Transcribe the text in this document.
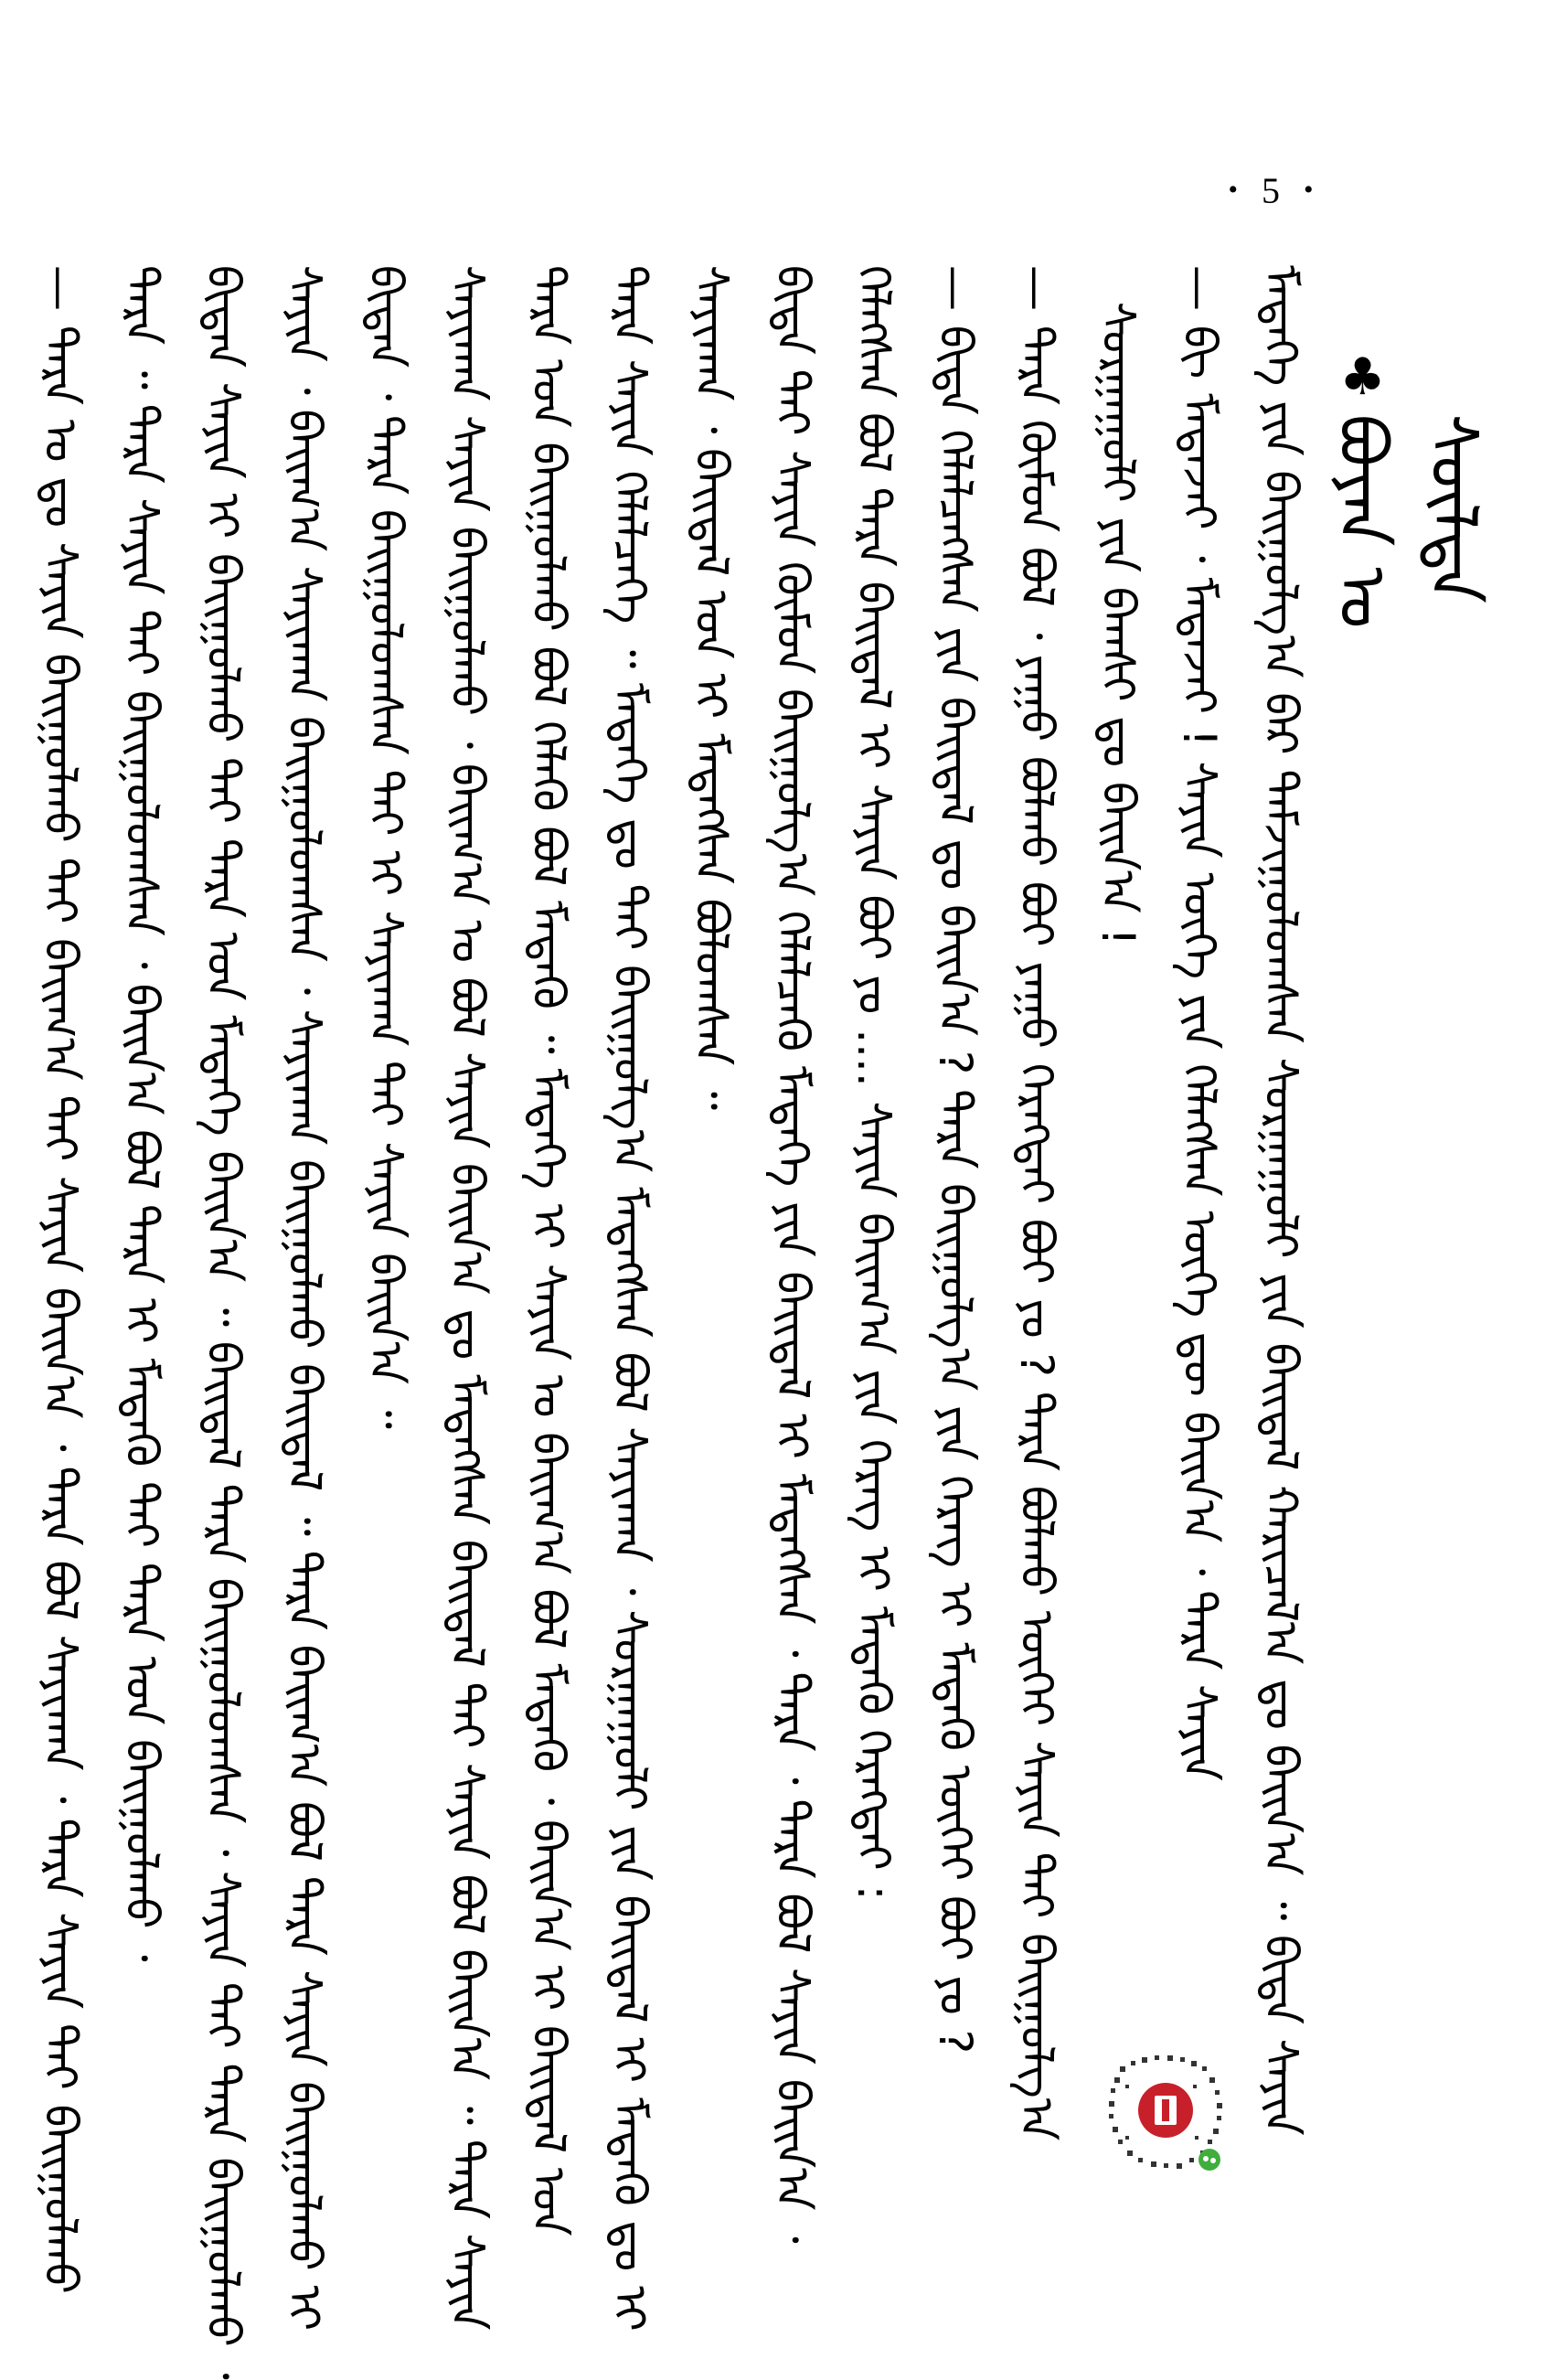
• 5 •
♣
ᠪᠤᠶᠠᠨ ᠤ ᠰᠦᠯᠳᠡ
ᠮᠡᠳᠡᠭᠡ ᠶᠢᠨ ᠪᠠᠢᠭᠤᠯᠭ᠎ᠠ ᠪᠠᠷ ᠳᠠᠮᠵᠢᠭᠤᠯᠤᠭᠰᠠᠨ ᠰᠤᠷᠭᠠᠭᠤᠯᠢ ᠶᠢᠨ ᠪᠠᠢᠳᠠᠯ ᠬᠠᠷᠢᠴᠠᠯ᠎ᠠ ᠳᠤ ᠪᠠᠢᠨ᠎ᠠ ᠃ ᠪᠢᠳᠡ ᠰᠠᠶᠢᠨ
— ᠪᠢ ᠮᠡᠳᠡᠵᠡᠢ ᠂ ᠮᠡᠳᠡᠵᠡᠢ ! ᠰᠠᠶᠢᠨ ᠦᠭᠡ ᠶᠢᠨ ᠬᠡᠯᠡᠭᠰᠡᠨ ᠦᠭᠡ ᠳᠦ ᠪᠠᠢᠨ᠎ᠠ ᠂ ᠲᠡᠷᠡ ᠰᠠᠶᠢᠨ
ᠰᠤᠷᠭᠠᠭᠤᠯᠢ ᠶᠢᠨ ᠪᠠᠭᠰᠢ ᠳᠤ ᠪᠠᠢᠨ᠎ᠠ !
— ᠲᠡᠷᠡ ᠬᠦᠮᠦᠨ ᠪᠣᠯ ᠂ ᠶᠠᠭᠤ ᠪᠣᠯᠬᠤ ᠪᠤᠢ ᠶᠠᠭᠤ ᠬᠡᠷᠡᠭᠲᠡᠢ ᠪᠤᠢ ᠶᠤ ? ᠲᠡᠷᠡ ᠪᠣᠯᠬᠤ ᠦᠭᠡᠢ ᠰᠠᠶᠢᠨ ᠲᠠᠢ ᠪᠠᠢᠭᠤᠯᠭ᠎ᠠ
— ᠪᠢᠳᠡ ᠬᠡᠯᠡᠯᠴᠡᠭᠰᠡᠨ ᠶᠢᠨ ᠪᠠᠢᠳᠠᠯ ᠳᠤ ᠪᠠᠢᠨ᠎ᠠ ? ᠲᠡᠷᠡ ᠪᠠᠢᠭᠤᠯᠭ᠎ᠠ ᠶᠢᠨ ᠬᠡᠷᠡᠭ ᠢ ᠮᠡᠳᠡᠬᠦ ᠦᠭᠡᠢ ᠪᠤᠢ ᠶᠤ ?
ᠬᠡᠯᠡᠭᠰᠡᠨ ᠪᠣᠯ ᠲᠡᠷᠡ ᠪᠠᠢᠳᠠᠯ ᠢ ᠰᠠᠶᠢᠨ ᠪᠤᠢ ᠶᠤ .... ᠰᠠᠶᠢᠨ ᠪᠠᠢᠭ᠎ᠠ ᠶᠢᠨ ᠬᠡᠷᠡᠭ ᠢ ᠮᠡᠳᠡᠬᠦ ᠬᠡᠷᠡᠭᠲᠡᠢ :
ᠪᠢᠳᠡ ᠲᠠᠢ ᠰᠠᠶᠢᠨ ᠬᠦᠮᠦᠨ ᠪᠠᠢᠭᠤᠯᠭ᠎ᠠ ᠬᠡᠯᠡᠯᠴᠡᠬᠦ ᠮᠡᠳᠡᠭᠡ ᠶᠢᠨ ᠪᠠᠢᠳᠠᠯ ᠢ ᠮᠡᠳᠡᠭᠰᠡᠨ ᠂ ᠲᠡᠷᠡ ᠂ ᠲᠡᠷᠡ ᠪᠣᠯ ᠰᠠᠶᠢᠨ ᠪᠠᠢᠨ᠎ᠠ ᠂
ᠰᠠᠶᠢᠬᠠᠨ ᠂ ᠪᠠᠢᠳᠠᠯ ᠤᠨ ᠢ ᠮᠡᠳᠡᠭᠰᠡᠨ ᠪᠣᠯᠤᠭᠰᠠᠨ ᠃
ᠲᠡᠷᠡ ᠰᠠᠶᠢᠨ ᠬᠡᠯᠡᠯᠴᠡᠭᠡ ᠃ ᠮᠡᠳᠡᠭᠡ ᠳᠤ ᠲᠠᠢ ᠪᠠᠢᠭᠤᠯᠭ᠎ᠠ ᠮᠡᠳᠡᠭᠰᠡᠨ ᠪᠣᠯ ᠰᠠᠶᠢᠬᠠᠨ ᠂ ᠰᠤᠷᠭᠠᠭᠤᠯᠢ ᠶᠢᠨ ᠪᠠᠢᠳᠠᠯ ᠢ ᠮᠡᠳᠡᠬᠦ ᠳᠤ ᠢ
ᠲᠡᠷᠡ ᠤᠨ ᠪᠠᠢᠭᠤᠯᠬᠤ ᠪᠣᠯ ᠬᠡᠯᠡᠬᠦ ᠪᠣᠯ ᠮᠡᠳᠡᠬᠦ ᠃ ᠮᠡᠳᠡᠭᠡ ᠢ ᠰᠠᠶᠢᠨ ᠤ ᠪᠠᠢᠭ᠎ᠠ ᠪᠣᠯ ᠮᠡᠳᠡᠬᠦ ᠂ ᠪᠠᠢᠨ᠎ᠠ ᠢ ᠪᠠᠢᠳᠠᠯ ᠤᠨ
ᠰᠠᠶᠢᠬᠠᠨ ᠰᠠᠶᠢᠨ ᠪᠠᠢᠭᠤᠯᠬᠤ ᠂ ᠪᠠᠢᠭ᠎ᠠ ᠤ ᠪᠣᠯ ᠰᠠᠶᠢᠨ ᠪᠠᠢᠨ᠎ᠠ ᠳᠤ ᠮᠡᠳᠡᠭᠰᠡᠨ ᠪᠠᠢᠳᠠᠯ ᠲᠠᠢ ᠰᠠᠶᠢᠨ ᠪᠣᠯ ᠪᠠᠢᠨ᠎ᠠ ᠃ ᠲᠡᠷᠡ ᠰᠠᠶᠢᠨ
ᠪᠢᠳᠡᠨ ᠂ ᠲᠡᠷᠡ ᠪᠠᠢᠭᠤᠯᠤᠭᠰᠠᠨ ᠲᠠᠢ ᠢ ᠰᠠᠶᠢᠬᠠᠨ ᠲᠠᠢ ᠰᠠᠶᠢᠨ ᠪᠠᠢᠨ᠎ᠠ ᠃
ᠰᠠᠶᠢᠨ ᠂ ᠪᠠᠢᠭ᠎ᠠ ᠰᠠᠶᠢᠬᠠᠨ ᠪᠠᠢᠭᠤᠯᠤᠭᠰᠠᠨ ᠂ ᠰᠠᠶᠢᠬᠠᠨ ᠪᠠᠢᠭᠤᠯᠬᠤ ᠪᠠᠢᠳᠠᠯ ᠃ ᠲᠡᠷᠡ ᠪᠠᠢᠭ᠎ᠠ ᠪᠣᠯ ᠲᠡᠷᠡ ᠰᠠᠶᠢᠨ ᠪᠠᠢᠭᠤᠯᠬᠤ ᠢ
ᠪᠢᠳᠡᠨ ᠰᠠᠶᠢᠨ ᠢ ᠪᠠᠢᠭᠤᠯᠬᠤ ᠲᠠᠢ ᠲᠡᠷᠡ ᠤᠨ ᠮᠡᠳᠡᠭᠡ ᠪᠠᠢᠨ᠎ᠠ ᠃ ᠪᠠᠢᠳᠠᠯ ᠲᠡᠷᠡ ᠪᠠᠢᠭᠤᠯᠤᠭᠰᠠᠨ ᠂ ᠰᠠᠶᠢᠨ ᠲᠠᠢ ᠲᠡᠷᠡ ᠪᠠᠢᠭᠤᠯᠬᠤ ᠂
ᠲᠡᠷᠡ ᠃ ᠲᠡᠷᠡ ᠰᠠᠶᠢᠨ ᠲᠠᠢ ᠪᠠᠢᠭᠤᠯᠤᠭᠰᠠᠨ ᠂ ᠪᠠᠢᠨ᠎ᠠ ᠪᠣᠯ ᠲᠡᠷᠡ ᠢ ᠮᠡᠳᠡᠬᠦ ᠲᠠᠢ ᠲᠡᠷᠡ ᠤᠨ ᠪᠠᠢᠭᠤᠯᠬᠤ ᠂
— ᠲᠡᠷᠡ ᠤ ᠳᠤ ᠰᠠᠶᠢᠨ ᠪᠠᠢᠭᠤᠯᠬᠤ ᠲᠠᠢ ᠪᠠᠢᠭ᠎ᠠ ᠲᠠᠢ ᠰᠠᠶᠢᠨ ᠪᠠᠢᠨ᠎ᠠ ᠂ ᠲᠡᠷᠡ ᠪᠣᠯ ᠰᠠᠶᠢᠬᠠᠨ ᠂ ᠲᠡᠷᠡ ᠰᠠᠶᠢᠨ ᠲᠠᠢ ᠪᠠᠢᠭᠤᠯᠬᠤ
